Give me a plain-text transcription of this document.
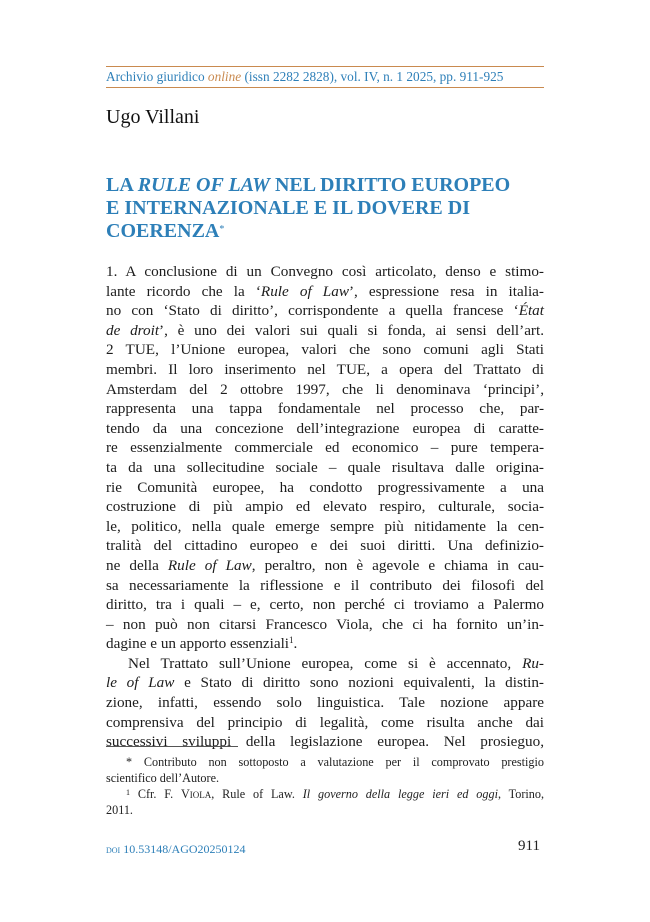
Archivio giuridico online (issn 2282 2828), vol. IV, n. 1 2025, pp. 911-925
Ugo Villani
LA RULE OF LAW NEL DIRITTO EUROPEO
E INTERNAZIONALE E IL DOVERE DI
COERENZA*
1. A conclusione di un Convegno così articolato, denso e stimo-
lante ricordo che la ‘Rule of Law’, espressione resa in italia-
no con ‘Stato di diritto’, corrispondente a quella francese ‘État
de droit’, è uno dei valori sui quali si fonda, ai sensi dell’art.
2 TUE, l’Unione europea, valori che sono comuni agli Stati
membri. Il loro inserimento nel TUE, a opera del Trattato di
Amsterdam del 2 ottobre 1997, che li denominava ‘principi’,
rappresenta una tappa fondamentale nel processo che, par-
tendo da una concezione dell’integrazione europea di caratte-
re essenzialmente commerciale ed economico – pure tempera-
ta da una sollecitudine sociale – quale risultava dalle origina-
rie Comunità europee, ha condotto progressivamente a una
costruzione di più ampio ed elevato respiro, culturale, socia-
le, politico, nella quale emerge sempre più nitidamente la cen-
tralità del cittadino europeo e dei suoi diritti. Una definizio-
ne della Rule of Law, peraltro, non è agevole e chiama in cau-
sa necessariamente la riflessione e il contributo dei filosofi del
diritto, tra i quali – e, certo, non perché ci troviamo a Palermo
– non può non citarsi Francesco Viola, che ci ha fornito un’in-
dagine e un apporto essenziali$^1$.
Nel Trattato sull’Unione europea, come si è accennato, Ru-
le of Law e Stato di diritto sono nozioni equivalenti, la distin-
zione, infatti, essendo solo linguistica. Tale nozione appare
comprensiva del principio di legalità, come risulta anche dai
successivi sviluppi della legislazione europea. Nel prosieguo,
* Contributo non sottoposto a valutazione per il comprovato prestigio
scientifico dell’Autore.
$^1$ Cfr. F. Viola, Rule of Law. Il governo della legge ieri ed oggi, Torino,
2011.
doi 10.53148/AGO20250124	911
